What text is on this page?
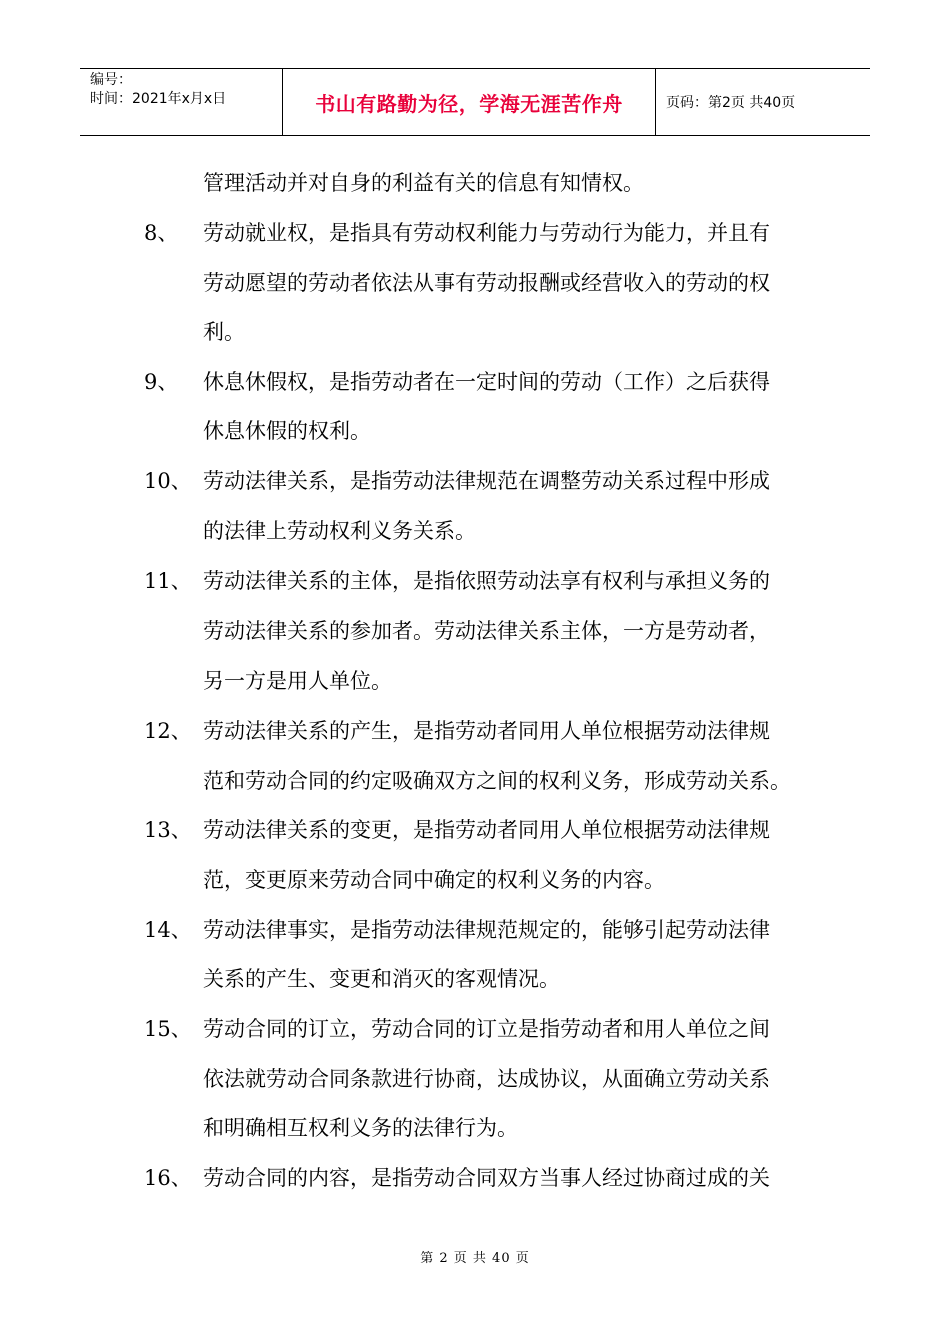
编号：
时间：2021年x月x日	书山有路勤为径，学海无涯苦作舟	页码：第2页 共40页
管理活动并对自身的利益有关的信息有知情权。
8、 劳动就业权，是指具有劳动权利能力与劳动行为能力，并且有
劳动愿望的劳动者依法从事有劳动报酬或经营收入的劳动的权
利。
9、 休息休假权，是指劳动者在一定时间的劳动（工作）之后获得
休息休假的权利。
10、 劳动法律关系，是指劳动法律规范在调整劳动关系过程中形成
的法律上劳动权利义务关系。
11、 劳动法律关系的主体，是指依照劳动法享有权利与承担义务的
劳动法律关系的参加者。劳动法律关系主体，一方是劳动者，
另一方是用人单位。
12、 劳动法律关系的产生，是指劳动者同用人单位根据劳动法律规
范和劳动合同的约定吸确双方之间的权利义务，形成劳动关系。
13、 劳动法律关系的变更，是指劳动者同用人单位根据劳动法律规
范，变更原来劳动合同中确定的权利义务的内容。
14、 劳动法律事实，是指劳动法律规范规定的，能够引起劳动法律
关系的产生、变更和消灭的客观情况。
15、 劳动合同的订立，劳动合同的订立是指劳动者和用人单位之间
依法就劳动合同条款进行协商，达成协议，从面确立劳动关系
和明确相互权利义务的法律行为。
16、 劳动合同的内容，是指劳动合同双方当事人经过协商过成的关
第 2 页 共 40 页
